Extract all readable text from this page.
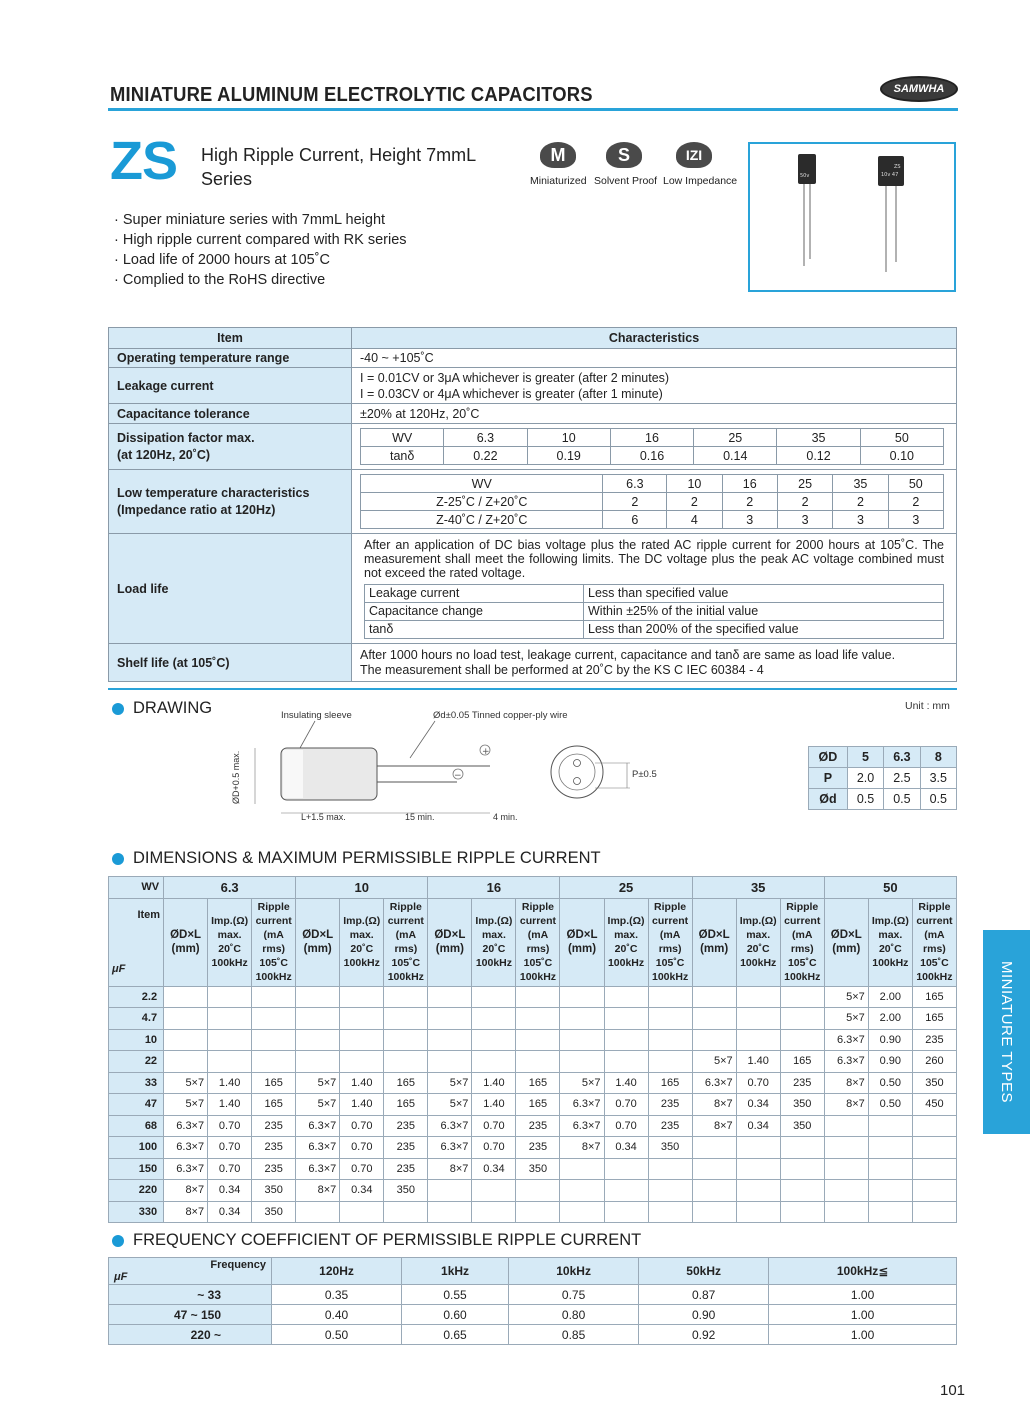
MINIATURE ALUMINUM ELECTROLYTIC CAPACITORS	SAMWHA
ZS High Ripple Current, Height 7mmL
Series
M	S	IZI
Miniaturized Solvent Proof Low Impedance	50v
ZS
10v 47
· Super miniature series with 7mmL height
· High ripple current compared with RK series
· Load life of 2000 hours at 105˚C
· Complied to the RoHS directive
Item	Characteristics
Operating temperature range	-40 ~ +105˚C
Leakage current	
I = 0.01CV or 3μA whichever is greater (after 2 minutes)
I = 0.03CV or 4μA whichever is greater (after 1 minute)

Capacitance tolerance	±20% at 120Hz, 20˚C

Dissipation factor max.
(at 120Hz, 20˚C)

WV	6.3	10	16	25	35	50
tanδ	0.22	0.19	0.16	0.14	0.12	0.10

Low temperature characteristics
(Impedance ratio at 120Hz)

WV	6.3	10	16	25	35	50
Z-25˚C / Z+20˚C	2	2	2	2	2	2
Z-40˚C / Z+20˚C	6	4	3	3	3	3

Load life	
After an application of DC bias voltage plus the rated AC ripple current for 2000 hours at 105˚C. The measurement shall meet the following limits. The DC voltage plus the peak AC voltage combined must not exceed the rated voltage.
Leakage current	Less than specified value
Capacitance change	Within ±25% of the initial value
tanδ	Less than 200% of the specified value

Shelf life (at 105˚C)	
After 1000 hours no load test, leakage current, capacitance and tanδ are same as load life value.
The measurement shall be performed at 20˚C by the KS C IEC 60384 - 4
DRAWING	Unit : mm
Insulating sleeve	Ød±0.05 Tinned copper-ply wire
+
−
ØD+0.5 max.
L+1.5 max.	15 min.	4 min.
P±0.5
ØD	5	6.3	8
P	2.0	2.5	3.5
Ød	0.5	0.5	0.5
DIMENSIONS & MAXIMUM PERMISSIBLE RIPPLE CURRENT
WV	6.3			10			16			25			35			50		

Item
μF	ØD×L (mm)	Imp.(Ω) max. 20˚C 100kHz	Ripple current (mA rms) 105˚C 100kHz	ØD×L (mm)	Imp.(Ω) max. 20˚C 100kHz	Ripple current (mA rms) 105˚C 100kHz	ØD×L (mm)	Imp.(Ω) max. 20˚C 100kHz	Ripple current (mA rms) 105˚C 100kHz	ØD×L (mm)	Imp.(Ω) max. 20˚C 100kHz	Ripple current (mA rms) 105˚C 100kHz	ØD×L (mm)	Imp.(Ω) max. 20˚C 100kHz	Ripple current (mA rms) 105˚C 100kHz	ØD×L (mm)	Imp.(Ω) max. 20˚C 100kHz	Ripple current (mA rms) 105˚C 100kHz
2.2																5×7	2.00	165
4.7																5×7	2.00	165
10																6.3×7	0.90	235
22													5×7	1.40	165	6.3×7	0.90	260
33	5×7	1.40	165	5×7	1.40	165	5×7	1.40	165	5×7	1.40	165	6.3×7	0.70	235	8×7	0.50	350
47	5×7	1.40	165	5×7	1.40	165	5×7	1.40	165	6.3×7	0.70	235	8×7	0.34	350	8×7	0.50	450
68	6.3×7	0.70	235	6.3×7	0.70	235	6.3×7	0.70	235	6.3×7	0.70	235	8×7	0.34	350			
100	6.3×7	0.70	235	6.3×7	0.70	235	6.3×7	0.70	235	8×7	0.34	350						
150	6.3×7	0.70	235	6.3×7	0.70	235	8×7	0.34	350									
220	8×7	0.34	350	8×7	0.34	350												
330	8×7	0.34	350															
FREQUENCY COEFFICIENT OF PERMISSIBLE RIPPLE CURRENT
Frequency
μF	120Hz	1kHz	10kHz	50kHz	100kHz≦
~ 33	0.35	0.55	0.75	0.87	1.00
47 ~ 150	0.40	0.60	0.80	0.90	1.00
220 ~	0.50	0.65	0.85	0.92	1.00
MINIATURE TYPES
101
